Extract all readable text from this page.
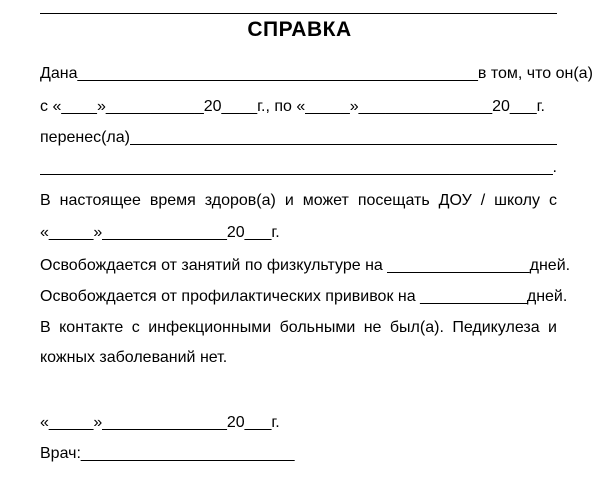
СПРАВКА
Дана_____________________________________________в том, что он(а)
с «____»___________20____г., по «_____»_______________20___г.
перенес(ла)
_____
_____
.
В настоящее время здоров(а) и может посещать ДОУ / школу с
«_____»______________20___г.
Освобождается от занятий по физкультуре на ________________дней.
Освобождается от профилактических прививок на ____________дней.
В контакте с инфекционными больными не был(а). Педикулеза и
кожных заболеваний нет.
«_____»______________20___г.
Врач:________________________
